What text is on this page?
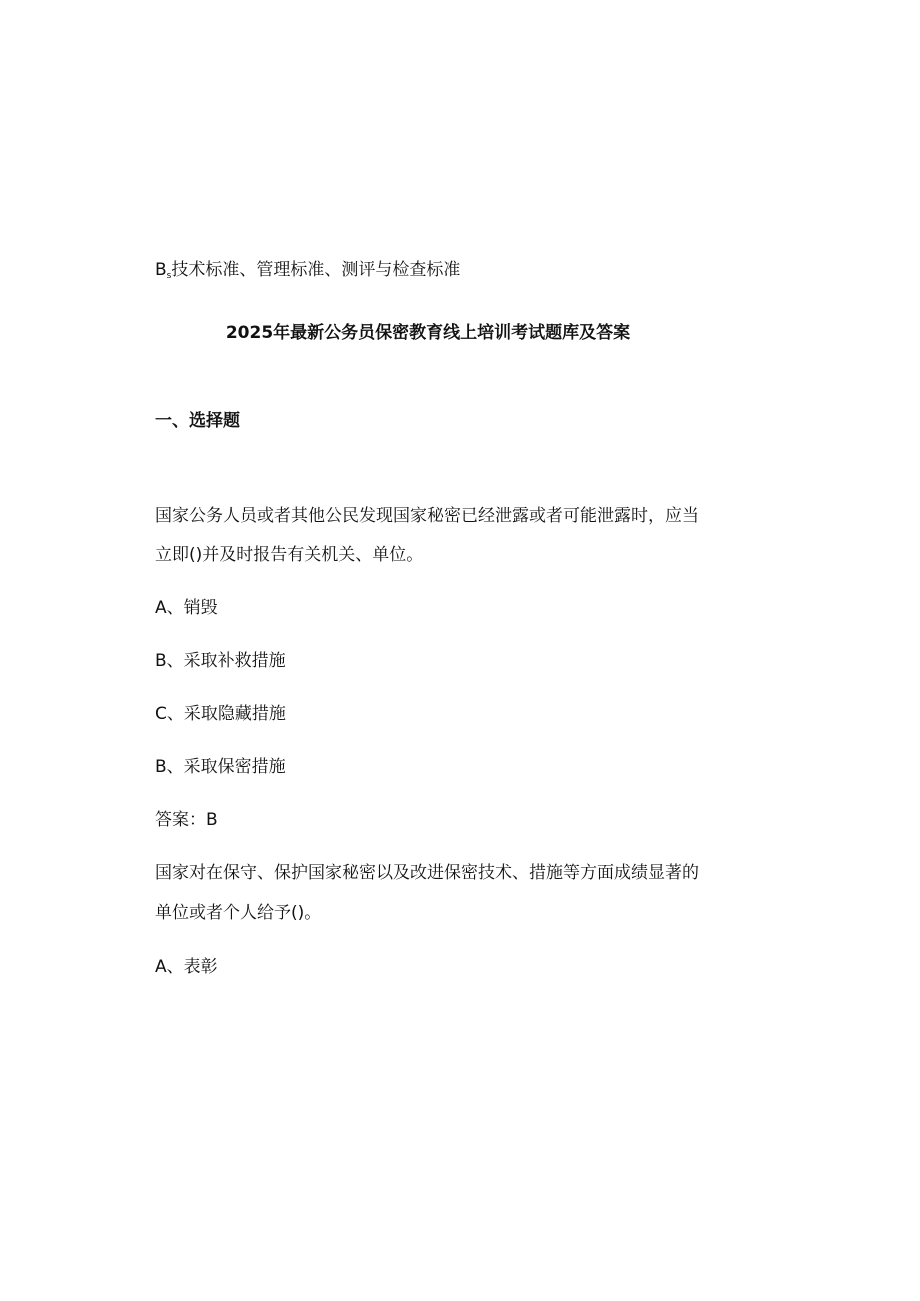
$B_s$技术标准、管理标准、测评与检查标准
2025年最新公务员保密教育线上培训考试题库及答案
一、选择题
国家公务人员或者其他公民发现国家秘密已经泄露或者可能泄露时，应当
立即()并及时报告有关机关、单位。
A、销毁
B、采取补救措施
C、采取隐藏措施
B、采取保密措施
答案：B
国家对在保守、保护国家秘密以及改进保密技术、措施等方面成绩显著的
单位或者个人给予()。
A、表彰
